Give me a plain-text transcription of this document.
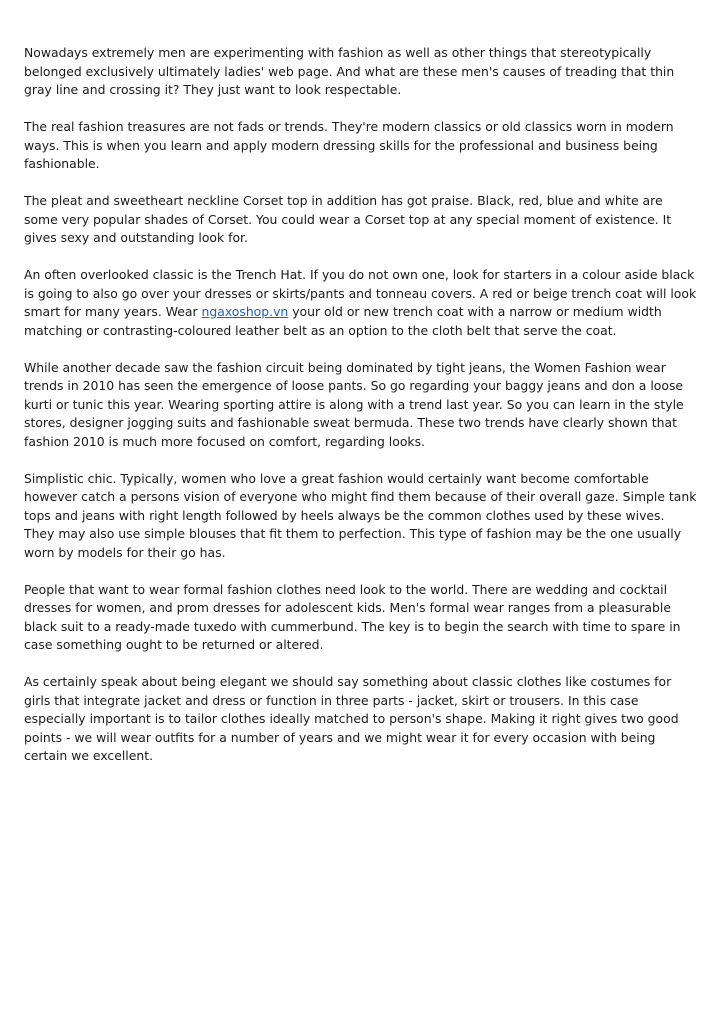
Nowadays extremely men are experimenting with fashion as well as other things that stereotypically belonged exclusively ultimately ladies' web page. And what are these men's causes of treading that thin gray line and crossing it? They just want to look respectable.

The real fashion treasures are not fads or trends. They're modern classics or old classics worn in modern ways. This is when you learn and apply modern dressing skills for the professional and business being fashionable.

The pleat and sweetheart neckline Corset top in addition has got praise. Black, red, blue and white are some very popular shades of Corset. You could wear a Corset top at any special moment of existence. It gives sexy and outstanding look for.

An often overlooked classic is the Trench Hat. If you do not own one, look for starters in a colour aside black is going to also go over your dresses or skirts/pants and tonneau covers. A red or beige trench coat will look smart for many years. Wear ngaxoshop.vn your old or new trench coat with a narrow or medium width matching or contrasting-coloured leather belt as an option to the cloth belt that serve the coat.

While another decade saw the fashion circuit being dominated by tight jeans, the Women Fashion wear trends in 2010 has seen the emergence of loose pants. So go regarding your baggy jeans and don a loose kurti or tunic this year. Wearing sporting attire is along with a trend last year. So you can learn in the style stores, designer jogging suits and fashionable sweat bermuda. These two trends have clearly shown that fashion 2010 is much more focused on comfort, regarding looks.

Simplistic chic. Typically, women who love a great fashion would certainly want become comfortable however catch a persons vision of everyone who might find them because of their overall gaze. Simple tank tops and jeans with right length followed by heels always be the common clothes used by these wives. They may also use simple blouses that fit them to perfection. This type of fashion may be the one usually worn by models for their go has.

People that want to wear formal fashion clothes need look to the world. There are wedding and cocktail dresses for women, and prom dresses for adolescent kids. Men's formal wear ranges from a pleasurable black suit to a ready-made tuxedo with cummerbund. The key is to begin the search with time to spare in case something ought to be returned or altered.

As certainly speak about being elegant we should say something about classic clothes like costumes for girls that integrate jacket and dress or function in three parts - jacket, skirt or trousers. In this case especially important is to tailor clothes ideally matched to person's shape. Making it right gives two good points - we will wear outfits for a number of years and we might wear it for every occasion with being certain we excellent.
